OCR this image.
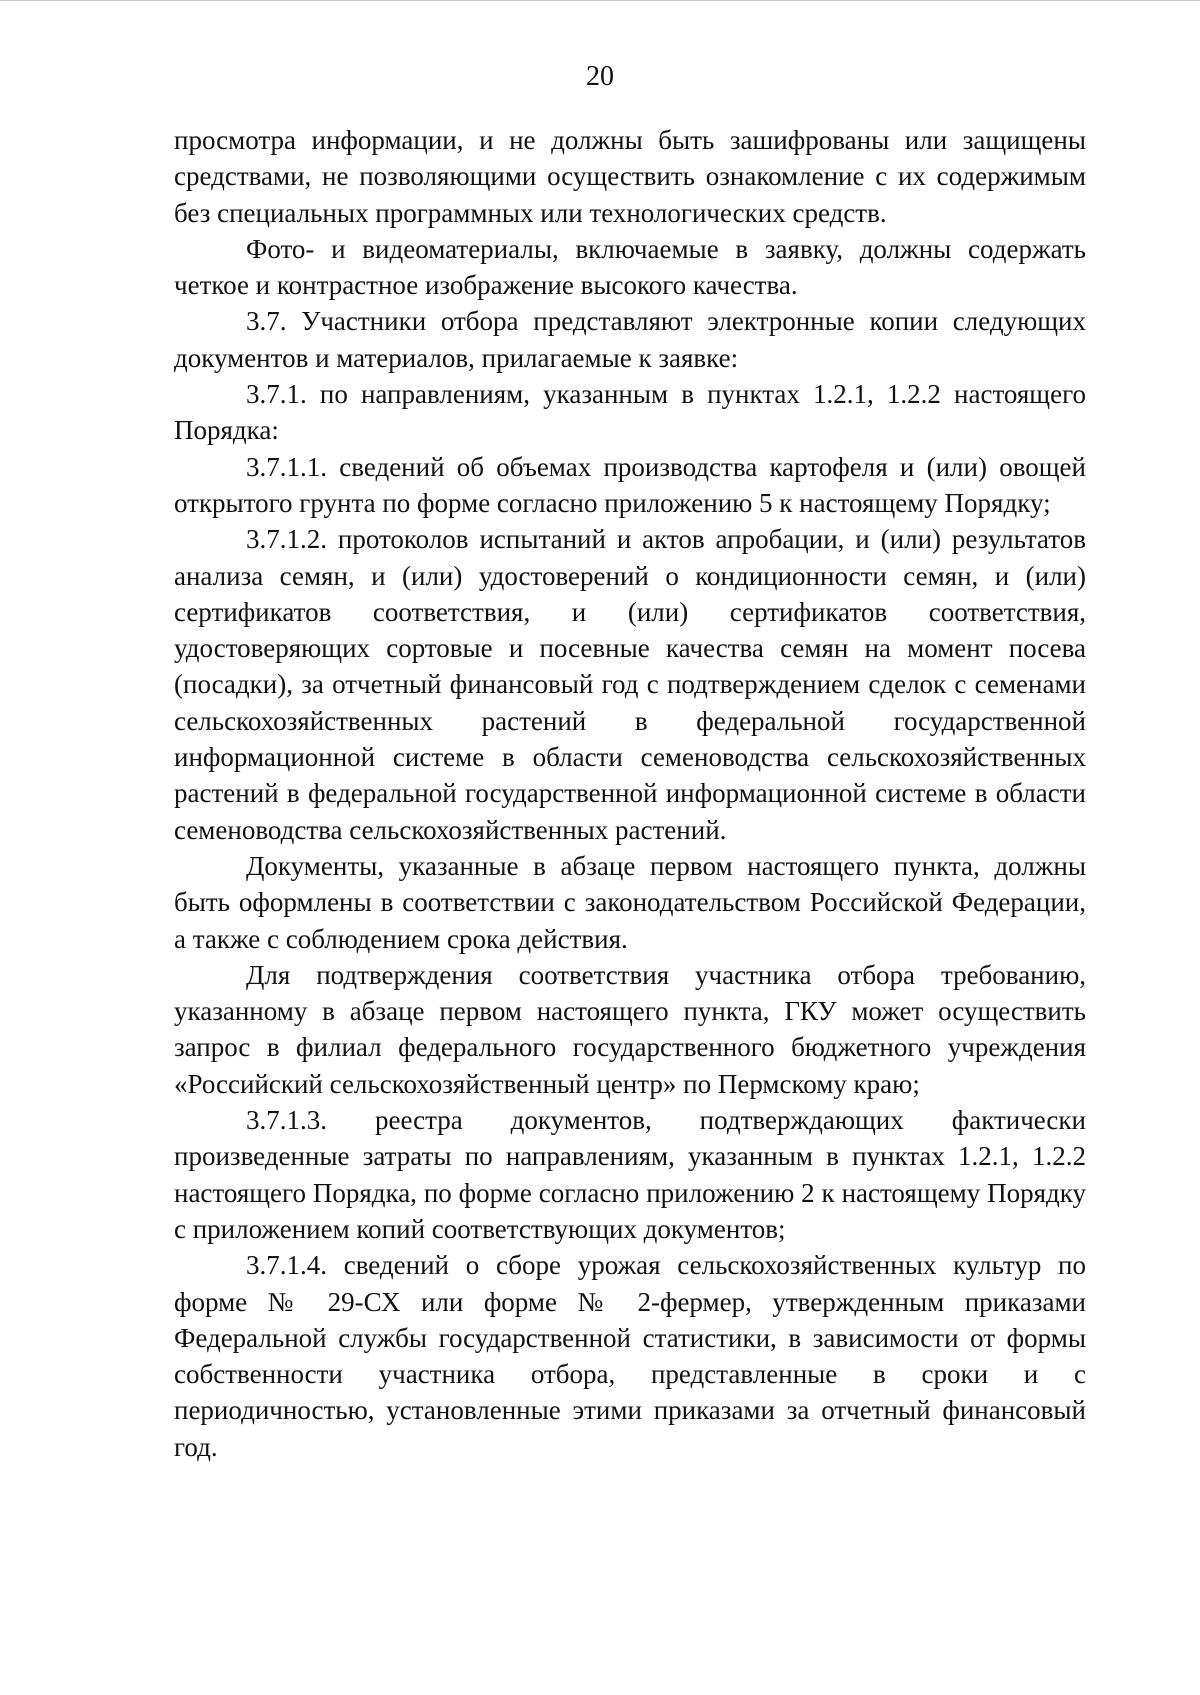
20

просмотра информации, и не должны быть зашифрованы или защищены средствами, не позволяющими осуществить ознакомление с их содержимым без специальных программных или технологических средств.

Фото- и видеоматериалы, включаемые в заявку, должны содержать четкое и контрастное изображение высокого качества.

3.7. Участники отбора представляют электронные копии следующих документов и материалов, прилагаемые к заявке:

3.7.1. по направлениям, указанным в пунктах 1.2.1, 1.2.2 настоящего Порядка:

3.7.1.1. сведений об объемах производства картофеля и (или) овощей открытого грунта по форме согласно приложению 5 к настоящему Порядку;

3.7.1.2. протоколов испытаний и актов апробации, и (или) результатов анализа семян, и (или) удостоверений о кондиционности семян, и (или) сертификатов соответствия, и (или) сертификатов соответствия, удостоверяющих сортовые и посевные качества семян на момент посева (посадки), за отчетный финансовый год с подтверждением сделок с семенами сельскохозяйственных растений в федеральной государственной информационной системе в области семеноводства сельскохозяйственных растений в федеральной государственной информационной системе в области семеноводства сельскохозяйственных растений.

Документы, указанные в абзаце первом настоящего пункта, должны быть оформлены в соответствии с законодательством Российской Федерации, а также с соблюдением срока действия.

Для подтверждения соответствия участника отбора требованию, указанному в абзаце первом настоящего пункта, ГКУ может осуществить запрос в филиал федерального государственного бюджетного учреждения «Российский сельскохозяйственный центр» по Пермскому краю;

3.7.1.3. реестра документов, подтверждающих фактически произведенные затраты по направлениям, указанным в пунктах 1.2.1, 1.2.2 настоящего Порядка, по форме согласно приложению 2 к настоящему Порядку с приложением копий соответствующих документов;

3.7.1.4. сведений о сборе урожая сельскохозяйственных культур по форме № 29-СХ или форме № 2-фермер, утвержденным приказами Федеральной службы государственной статистики, в зависимости от формы собственности участника отбора, представленные в сроки и с периодичностью, установленные этими приказами за отчетный финансовый год.
